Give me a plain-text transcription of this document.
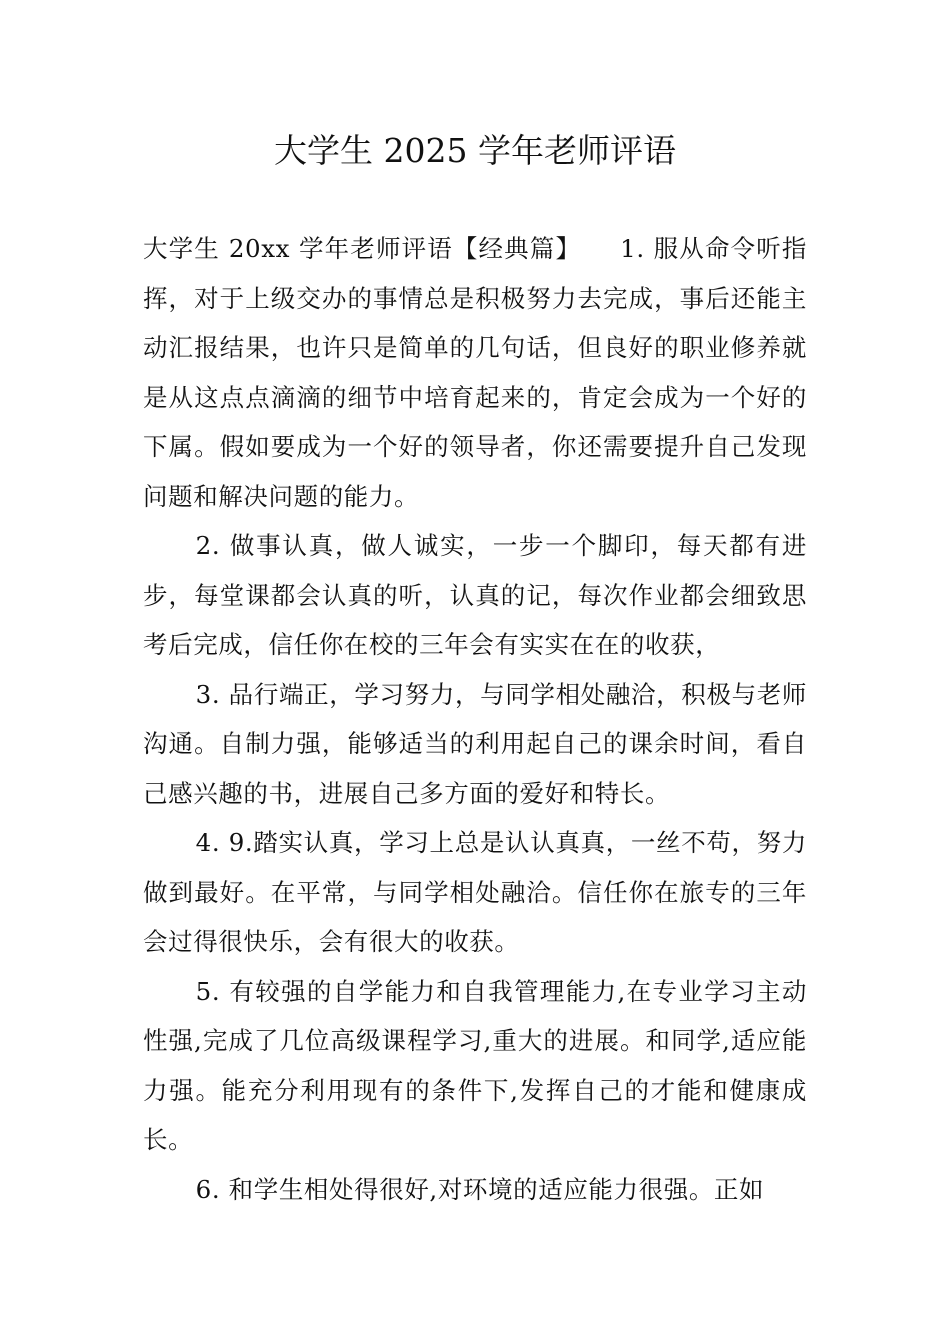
大学生 2025 学年老师评语

大学生 20xx 学年老师评语【经典篇】　　1. 服从命令听指挥，对于上级交办的事情总是积极努力去完成，事后还能主动汇报结果，也许只是简单的几句话，但良好的职业修养就是从这点点滴滴的细节中培育起来的，肯定会成为一个好的下属。假如要成为一个好的领导者，你还需要提升自己发现问题和解决问题的能力。

2. 做事认真，做人诚实，一步一个脚印，每天都有进步，每堂课都会认真的听，认真的记，每次作业都会细致思考后完成，信任你在校的三年会有实实在在的收获，

3. 品行端正，学习努力，与同学相处融洽，积极与老师沟通。自制力强，能够适当的利用起自己的课余时间，看自己感兴趣的书，进展自己多方面的爱好和特长。

4. 9.踏实认真，学习上总是认认真真，一丝不苟，努力做到最好。在平常，与同学相处融洽。信任你在旅专的三年会过得很快乐，会有很大的收获。

5. 有较强的自学能力和自我管理能力,在专业学习主动性强,完成了几位高级课程学习,重大的进展。和同学,适应能力强。能充分利用现有的条件下,发挥自己的才能和健康成长。

6. 和学生相处得很好,对环境的适应能力很强。正如
